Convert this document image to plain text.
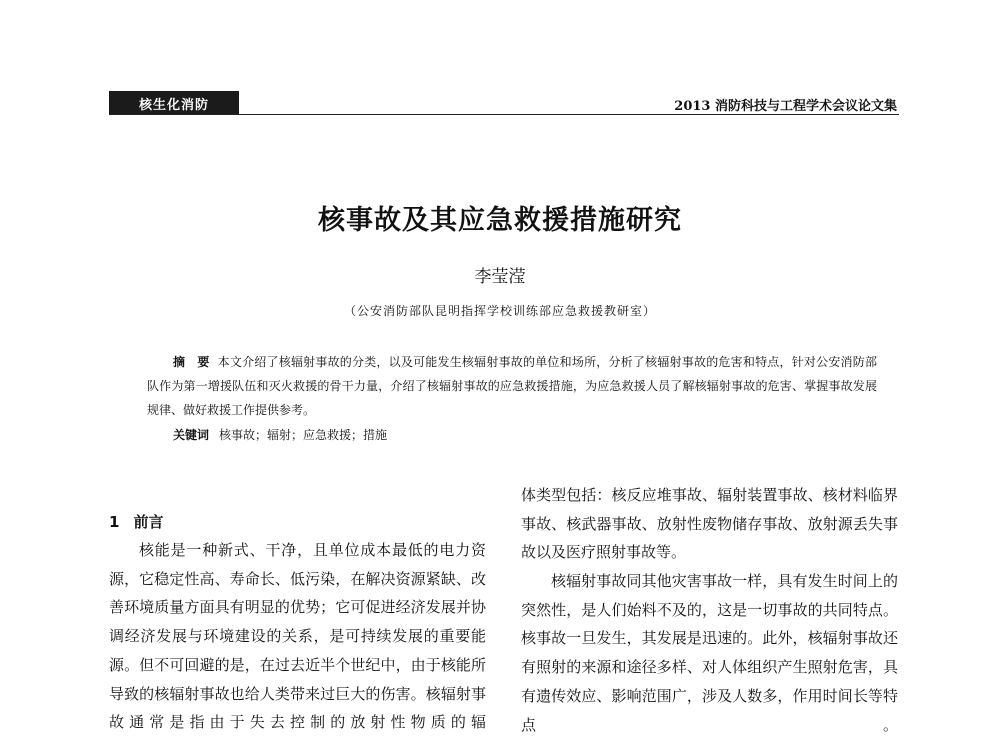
核生化消防	2013 消防科技与工程学术会议论文集
核事故及其应急救援措施研究
李莹滢
（公安消防部队昆明指挥学校训练部应急救援教研室）
摘　要 本文介绍了核辐射事故的分类，以及可能发生核辐射事故的单位和场所，分析了核辐射事故的危害和特点，针对公安消防部队作为第一增援队伍和灭火救援的骨干力量，介绍了核辐射事故的应急救援措施，为应急救援人员了解核辐射事故的危害、掌握事故发展规律、做好救援工作提供参考。
关键词 核事故；辐射；应急救援；措施
1 前言

核能是一种新式、干净，且单位成本最低的电力资源，它稳定性高、寿命长、低污染，在解决资源紧缺、改善环境质量方面具有明显的优势；它可促进经济发展并协调经济发展与环境建设的关系，是可持续发展的重要能源。但不可回避的是，在过去近半个世纪中，由于核能所导致的核辐射事故也给人类带来过巨大的伤害。核辐射事故通常是指由于失去控制的放射性物质的辐

体类型包括：核反应堆事故、辐射装置事故、核材料临界事故、核武器事故、放射性废物储存事故、放射源丢失事故以及医疗照射事故等。

核辐射事故同其他灾害事故一样，具有发生时间上的突然性，是人们始料不及的，这是一切事故的共同特点。核事故一旦发生，其发展是迅速的。此外，核辐射事故还有照射的来源和途径多样、对人体组织产生照射危害，具有遗传效应、影响范围广，涉及人数多，作用时间长等特点。
